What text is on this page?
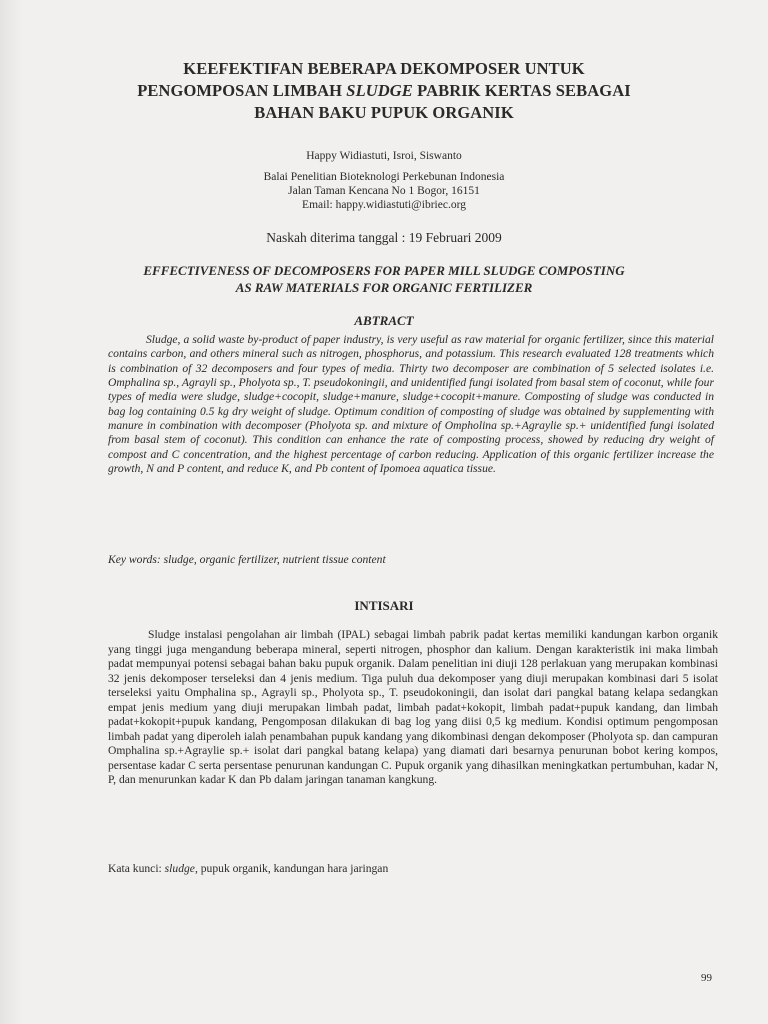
KEEFEKTIFAN BEBERAPA DEKOMPOSER UNTUK
PENGOMPOSAN LIMBAH SLUDGE PABRIK KERTAS SEBAGAI
BAHAN BAKU PUPUK ORGANIK
Happy Widiastuti, Isroi, Siswanto
Balai Penelitian Bioteknologi Perkebunan Indonesia
Jalan Taman Kencana No 1 Bogor, 16151
Email: happy.widiastuti@ibriec.org
Naskah diterima tanggal : 19 Februari 2009
EFFECTIVENESS OF DECOMPOSERS FOR PAPER MILL SLUDGE COMPOSTING
AS RAW MATERIALS FOR ORGANIC FERTILIZER
ABTRACT

Sludge, a solid waste by-product of paper industry, is very useful as raw material for organic fertilizer, since this material contains carbon, and others mineral such as nitrogen, phosphorus, and potassium. This research evaluated 128 treatments which is combination of 32 decomposers and four types of media. Thirty two decomposer are combination of 5 selected isolates i.e. Omphalina sp., Agrayli sp., Pholyota sp., T. pseudokoningii, and unidentified fungi isolated from basal stem of coconut, while four types of media were sludge, sludge+cocopit, sludge+manure, sludge+cocopit+manure. Composting of sludge was conducted in bag log containing 0.5 kg dry weight of sludge. Optimum condition of composting of sludge was obtained by supplementing with manure in combination with decomposer (Pholyota sp. and mixture of Ompholina sp.+Agraylie sp.+ unidentified fungi isolated from basal stem of coconut). This condition can enhance the rate of composting process, showed by reducing dry weight of compost and C concentration, and the highest percentage of carbon reducing. Application of this organic fertilizer increase the growth, N and P content, and reduce K, and Pb content of Ipomoea aquatica tissue.

Key words: sludge, organic fertilizer, nutrient tissue content
INTISARI

Sludge instalasi pengolahan air limbah (IPAL) sebagai limbah pabrik padat kertas memiliki kandungan karbon organik yang tinggi juga mengandung beberapa mineral, seperti nitrogen, phosphor dan kalium. Dengan karakteristik ini maka limbah padat mempunyai potensi sebagai bahan baku pupuk organik. Dalam penelitian ini diuji 128 perlakuan yang merupakan kombinasi 32 jenis dekomposer terseleksi dan 4 jenis medium. Tiga puluh dua dekomposer yang diuji merupakan kombinasi dari 5 isolat terseleksi yaitu Omphalina sp., Agrayli sp., Pholyota sp., T. pseudokoningii, dan isolat dari pangkal batang kelapa sedangkan empat jenis medium yang diuji merupakan limbah padat, limbah padat+kokopit, limbah padat+pupuk kandang, dan limbah padat+kokopit+pupuk kandang, Pengomposan dilakukan di bag log yang diisi 0,5 kg medium. Kondisi optimum pengomposan limbah padat yang diperoleh ialah penambahan pupuk kandang yang dikombinasi dengan dekomposer (Pholyota sp. dan campuran Omphalina sp.+Agraylie sp.+ isolat dari pangkal batang kelapa) yang diamati dari besarnya penurunan bobot kering kompos, persentase kadar C serta persentase penurunan kandungan C. Pupuk organik yang dihasilkan meningkatkan pertumbuhan, kadar N, P, dan menurunkan kadar K dan Pb dalam jaringan tanaman kangkung.

Kata kunci: sludge, pupuk organik, kandungan hara jaringan
99
